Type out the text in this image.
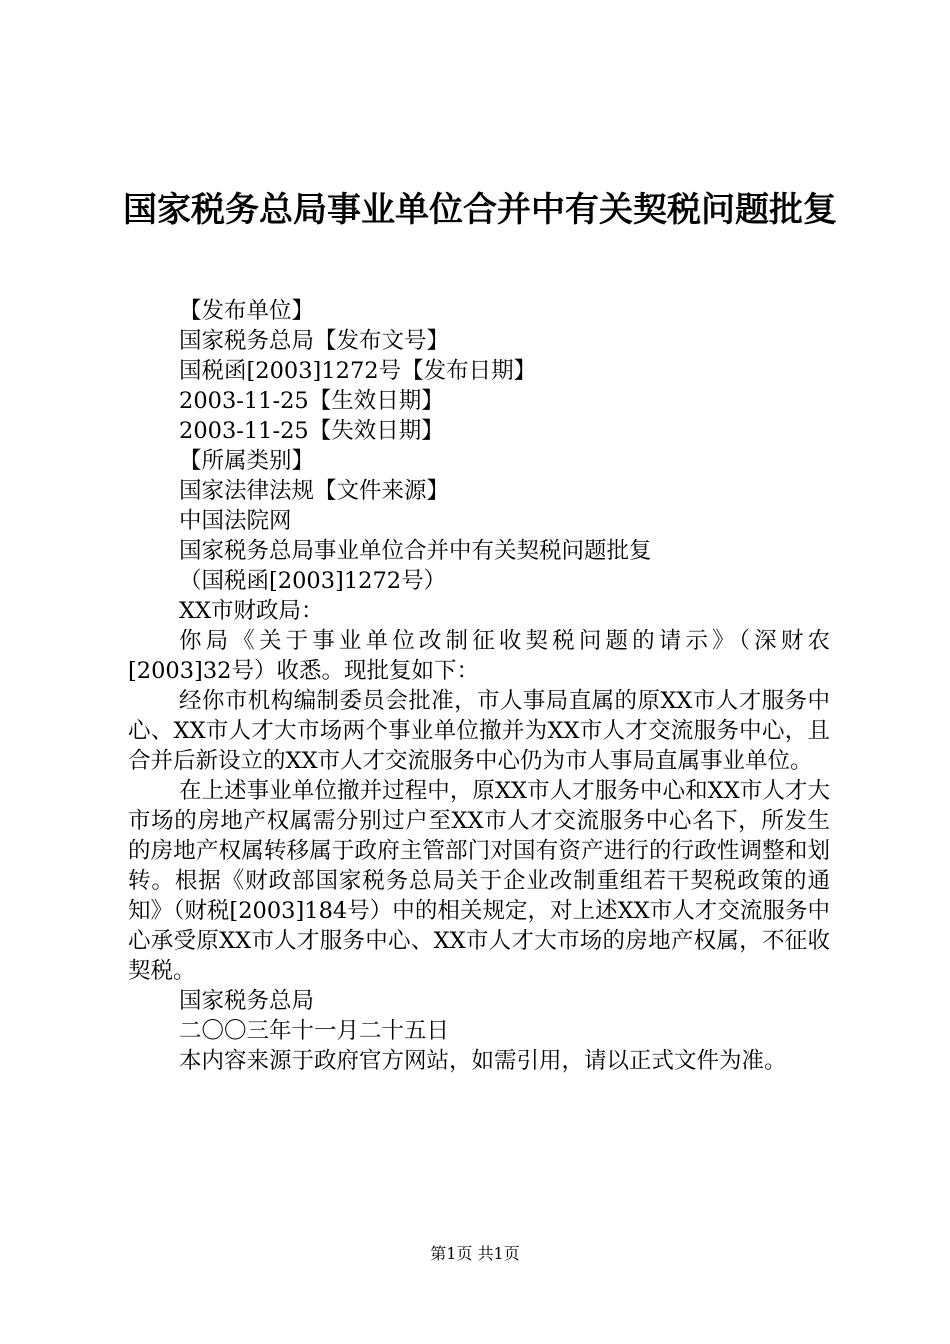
国家税务总局事业单位合并中有关契税问题批复

【发布单位】

国家税务总局【发布文号】

国税函[2003]1272号【发布日期】

2003-11-25【生效日期】

2003-11-25【失效日期】

【所属类别】

国家法律法规【文件来源】

中国法院网

国家税务总局事业单位合并中有关契税问题批复

（国税函[2003]1272号）

XX市财政局：

你局《关于事业单位改制征收契税问题的请示》（深财农[2003]32号）收悉。现批复如下：

经你市机构编制委员会批准，市人事局直属的原XX市人才服务中心、XX市人才大市场两个事业单位撤并为XX市人才交流服务中心，且合并后新设立的XX市人才交流服务中心仍为市人事局直属事业单位。

在上述事业单位撤并过程中，原XX市人才服务中心和XX市人才大市场的房地产权属需分别过户至XX市人才交流服务中心名下，所发生的房地产权属转移属于政府主管部门对国有资产进行的行政性调整和划转。根据《财政部国家税务总局关于企业改制重组若干契税政策的通知》（财税[2003]184号）中的相关规定，对上述XX市人才交流服务中心承受原XX市人才服务中心、XX市人才大市场的房地产权属，不征收契税。

国家税务总局

二〇〇三年十一月二十五日

本内容来源于政府官方网站，如需引用，请以正式文件为准。

第1页 共1页
